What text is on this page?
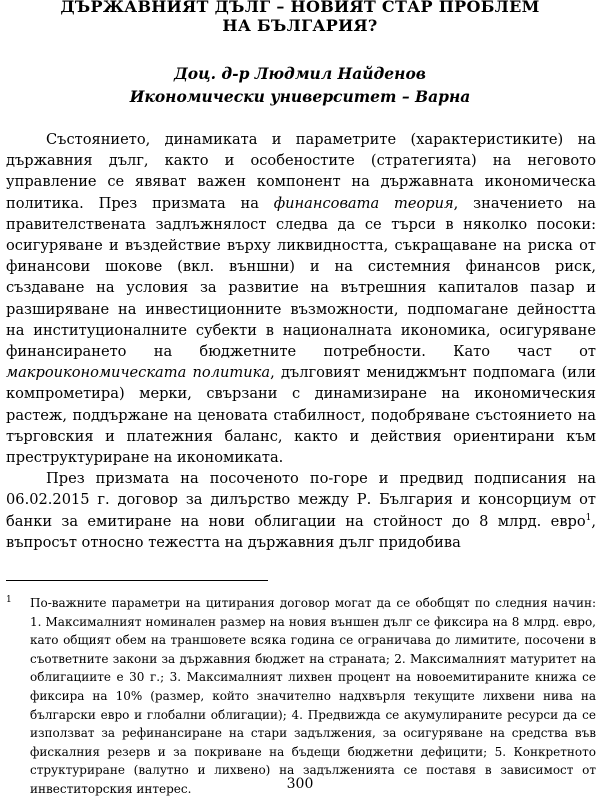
ДЪРЖАВНИЯТ ДЪЛГ – НОВИЯТ СТАР ПРОБЛЕМ
НА БЪЛГАРИЯ?
Доц. д-р Людмил Найденов
Икономически университет – Варна

Състоянието, динамиката и параметрите (характеристиките) на държавния дълг, както и особеностите (стратегията) на неговото управление се явяват важен компонент на държавната икономическа политика. През призмата на финансовата теория, значението на правителствената задлъжнялост следва да се търси в няколко посоки: осигуряване и въздействие върху ликвидността, съкращаване на риска от финансови шокове (вкл. външни) и на системния финансов риск, създаване на условия за развитие на вътрешния капиталов пазар и разширяване на инвестиционните възможности, подпомагане дейността на институционалните субекти в националната икономика, осигуряване финансирането на бюджетните потребности. Като част от макроикономическата политика, дълговият мениджмънт подпомага (или компрометира) мерки, свързани с динамизиране на икономическия растеж, поддържане на ценовата стабилност, подобряване състоянието на търговския и платежния баланс, както и действия ориентирани към преструктуриране на икономиката.

През призмата на посоченото по-горе и предвид подписания на 06.02.2015 г. договор за дилърство между Р. България и консорциум от банки за емитиране на нови облигации на стойност до 8 млрд. евро$^1$, въпросът относно тежестта на държавния дълг придобива

1 По-важните параметри на цитирания договор могат да се обобщят по следния начин: 1. Максималният номинален размер на новия външен дълг се фиксира на 8 млрд. евро, като общият обем на траншовете всяка година се ограничава до лимитите, посочени в съответните закони за държавния бюджет на страната; 2. Максималният матуритет на облигациите е 30 г.; 3. Максималният лихвен процент на новоемитираните книжа се фиксира на 10% (размер, който значително надхвърля текущите лихвени нива на български евро и глобални облигации); 4. Предвижда се акумулираните ресурси да се използват за рефинансиране на стари задължения, за осигуряване на средства във фискалния резерв и за покриване на бъдещи бюджетни дефицити; 5. Конкретното структуриране (валутно и лихвено) на задълженията се поставя в зависимост от инвеститорския интерес.	300
